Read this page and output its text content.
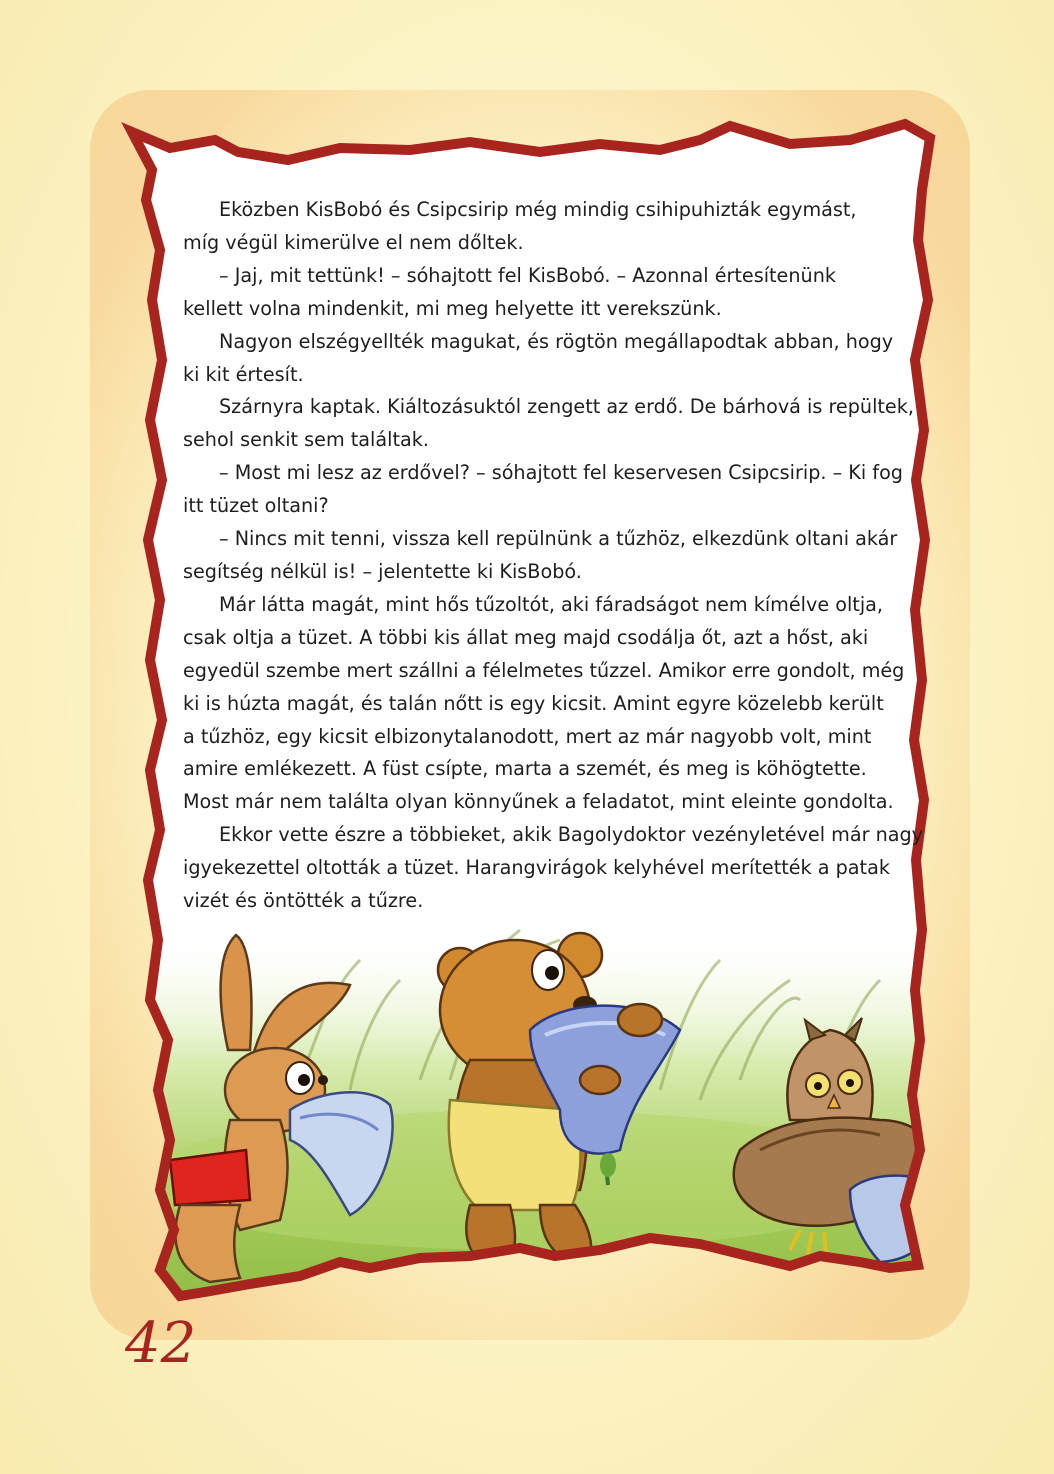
Eközben KisBobó és Csipcsirip még mindig csihipuhizták egymást,
míg végül kimerülve el nem dőltek.

– Jaj, mit tettünk! – sóhajtott fel KisBobó. – Azonnal értesítenünk
kellett volna mindenkit, mi meg helyette itt verekszünk.

Nagyon elszégyellték magukat, és rögtön megállapodtak abban, hogy
ki kit értesít.

Szárnyra kaptak. Kiáltozásuktól zengett az erdő. De bárhová is repültek,
sehol senkit sem találtak.

– Most mi lesz az erdővel? – sóhajtott fel keservesen Csipcsirip. – Ki fog
itt tüzet oltani?

– Nincs mit tenni, vissza kell repülnünk a tűzhöz, elkezdünk oltani akár
segítség nélkül is! – jelentette ki KisBobó.

Már látta magát, mint hős tűzoltót, aki fáradságot nem kímélve oltja,
csak oltja a tüzet. A többi kis állat meg majd csodálja őt, azt a hőst, aki
egyedül szembe mert szállni a félelmetes tűzzel. Amikor erre gondolt, még
ki is húzta magát, és talán nőtt is egy kicsit. Amint egyre közelebb került
a tűzhöz, egy kicsit elbizonytalanodott, mert az már nagyobb volt, mint
amire emlékezett. A füst csípte, marta a szemét, és meg is köhögtette.
Most már nem találta olyan könnyűnek a feladatot, mint eleinte gondolta.

Ekkor vette észre a többieket, akik Bagolydoktor vezényletével már nagy
igyekezettel oltották a tüzet. Harangvirágok kelyhével merítették a patak
vizét és öntötték a tűzre.

42
